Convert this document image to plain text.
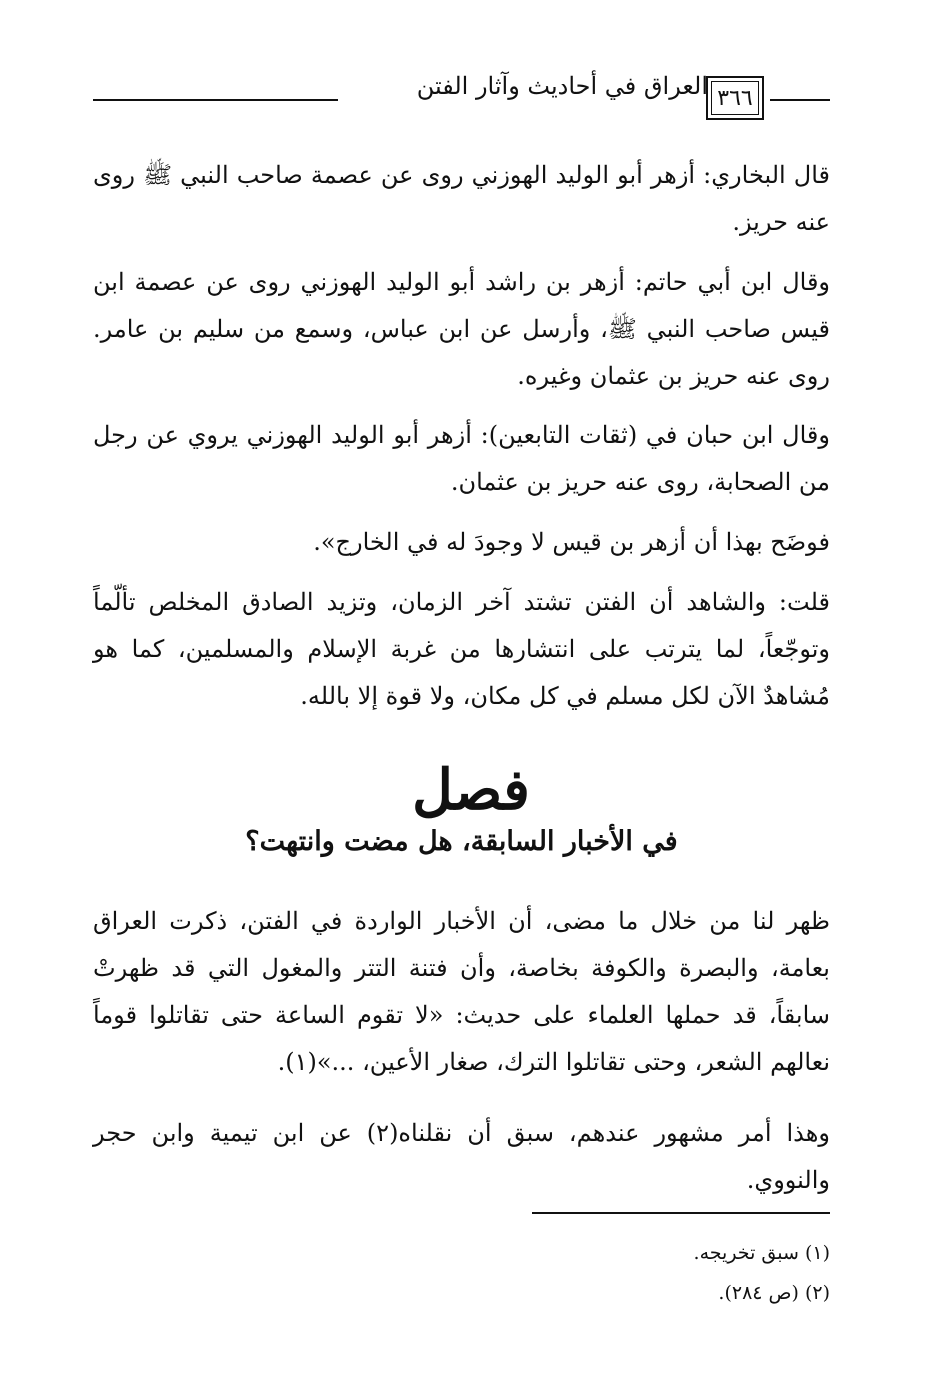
العراق في أحاديث وآثار الفتن ٣٦٦

قال البخاري: أزهر أبو الوليد الهوزني روى عن عصمة صاحب النبي ﷺ روى عنه حريز.

وقال ابن أبي حاتم: أزهر بن راشد أبو الوليد الهوزني روى عن عصمة ابن قيس صاحب النبي ﷺ، وأرسل عن ابن عباس، وسمع من سليم بن عامر. روى عنه حريز بن عثمان وغيره.

وقال ابن حبان في (ثقات التابعين): أزهر أبو الوليد الهوزني يروي عن رجل من الصحابة، روى عنه حريز بن عثمان.

فوضَح بهذا أن أزهر بن قيس لا وجودَ له في الخارج».

قلت: والشاهد أن الفتن تشتد آخر الزمان، وتزيد الصادق المخلص تألّماً وتوجّعاً، لما يترتب على انتشارها من غربة الإسلام والمسلمين، كما هو مُشاهدٌ الآن لكل مسلم في كل مكان، ولا قوة إلا بالله.

فصل
في الأخبار السابقة، هل مضت وانتهت؟

ظهر لنا من خلال ما مضى، أن الأخبار الواردة في الفتن، ذكرت العراق بعامة، والبصرة والكوفة بخاصة، وأن فتنة التتر والمغول التي قد ظهرتْ سابقاً، قد حملها العلماء على حديث: «لا تقوم الساعة حتى تقاتلوا قوماً نعالهم الشعر، وحتى تقاتلوا الترك، صغار الأعين، ...»(١).

وهذا أمر مشهور عندهم، سبق أن نقلناه(٢) عن ابن تيمية وابن حجر والنووي.

(١) سبق تخريجه.
(٢) (ص ٢٨٤).
